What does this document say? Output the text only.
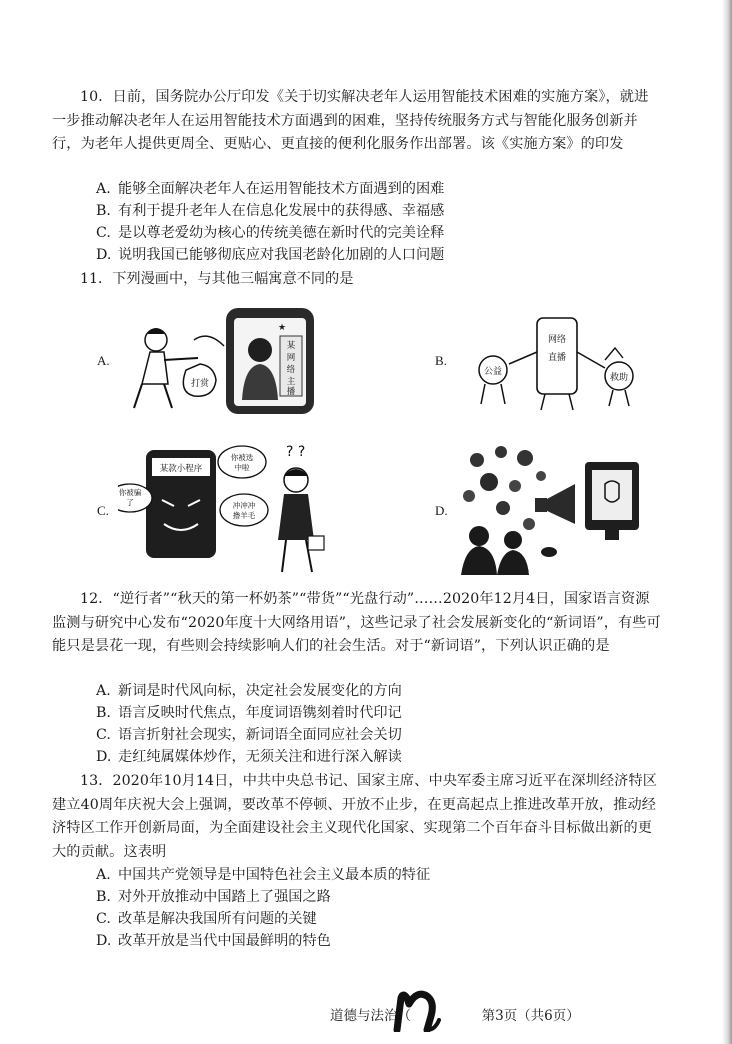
10．日前，国务院办公厅印发《关于切实解决老年人运用智能技术困难的实施方案》，就进一步推动解决老年人在运用智能技术方面遇到的困难，坚持传统服务方式与智能化服务创新并行，为老年人提供更周全、更贴心、更直接的便利化服务作出部署。该《实施方案》的印发
A. 能够全面解决老年人在运用智能技术方面遇到的困难
B. 有利于提升老年人在信息化发展中的获得感、幸福感
C. 是以尊老爱幼为核心的传统美德在新时代的完美诠释
D. 说明我国已能够彻底应对我国老龄化加剧的人口问题
11．下列漫画中，与其他三幅寓意不同的是
A.
★
某
网
络
主
播
打赏
B.
网络
直播
公益
救助
C.
某款小程序
你被骗
了
你被选
中啦
冲冲冲
撸羊毛
? ?
D.
12．“逆行者”“秋天的第一杯奶茶”“带货”“光盘行动”……2020年12月4日，国家语言资源监测与研究中心发布“2020年度十大网络用语”，这些记录了社会发展新变化的“新词语”，有些可能只是昙花一现，有些则会持续影响人们的社会生活。对于“新词语”，下列认识正确的是
A. 新词是时代风向标，决定社会发展变化的方向
B. 语言反映时代焦点，年度词语镌刻着时代印记
C. 语言折射社会现实，新词语全面同应社会关切
D. 走红纯属媒体炒作，无须关注和进行深入解读
13．2020年10月14日，中共中央总书记、国家主席、中央军委主席习近平在深圳经济特区建立40周年庆祝大会上强调，要改革不停顿、开放不止步，在更高起点上推进改革开放，推动经济特区工作开创新局面，为全面建设社会主义现代化国家、实现第二个百年奋斗目标做出新的更大的贡献。这表明
A. 中国共产党领导是中国特色社会主义最本质的特征
B. 对外开放推动中国踏上了强国之路
C. 改革是解决我国所有问题的关键
D. 改革开放是当代中国最鲜明的特色
道德与法治（	第3页（共6页）
